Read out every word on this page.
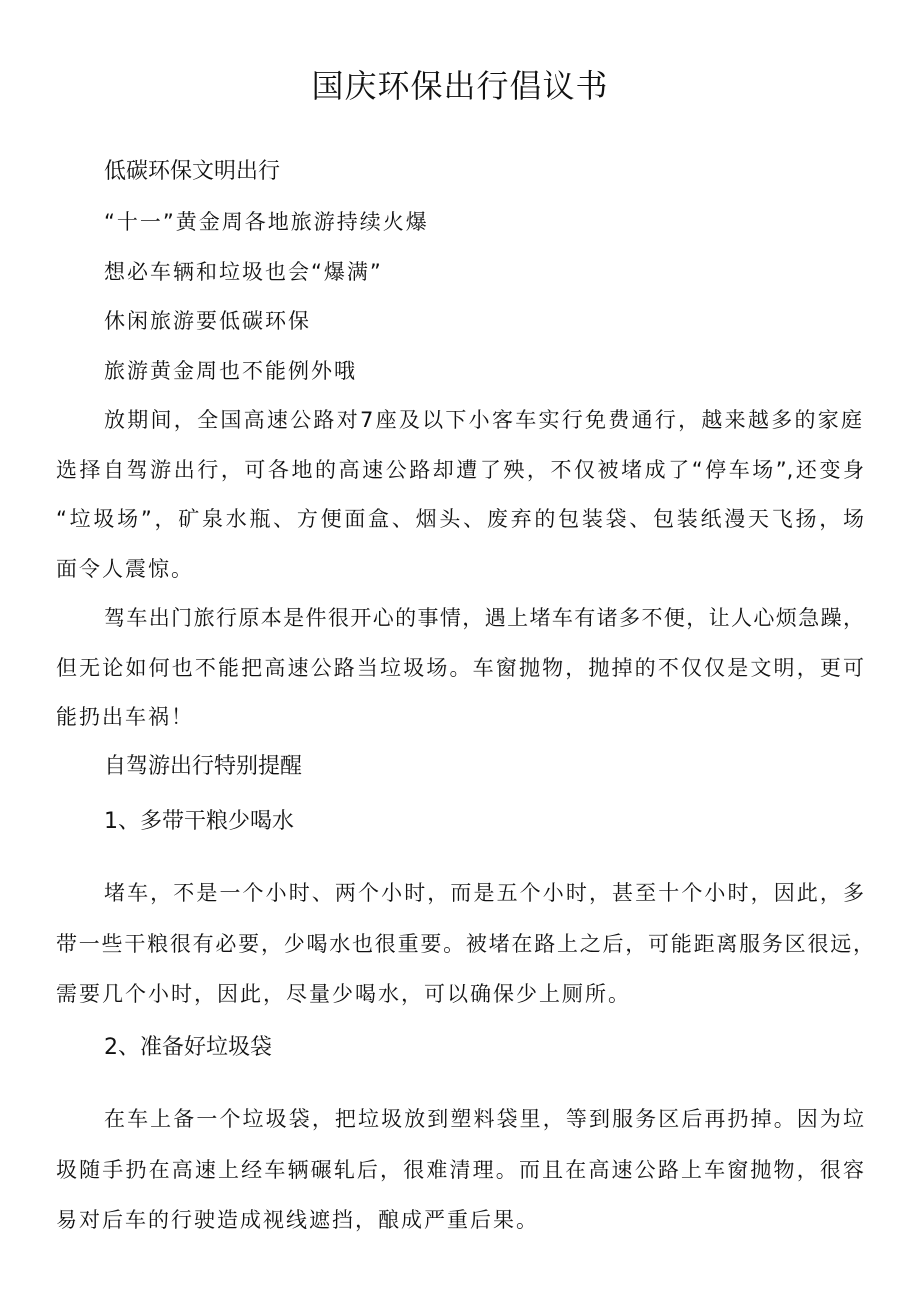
国庆环保出行倡议书

低碳环保文明出行

“十一”黄金周各地旅游持续火爆

想必车辆和垃圾也会“爆满”

休闲旅游要低碳环保

旅游黄金周也不能例外哦

放期间，全国高速公路对7座及以下小客车实行免费通行，越来越多的家庭

选择自驾游出行，可各地的高速公路却遭了殃，不仅被堵成了“停车场”,还变身

“垃圾场”，矿泉水瓶、方便面盒、烟头、废弃的包装袋、包装纸漫天飞扬，场

面令人震惊。

驾车出门旅行原本是件很开心的事情，遇上堵车有诸多不便，让人心烦急躁，

但无论如何也不能把高速公路当垃圾场。车窗抛物，抛掉的不仅仅是文明，更可

能扔出车祸！

自驾游出行特别提醒

1、多带干粮少喝水

堵车，不是一个小时、两个小时，而是五个小时，甚至十个小时，因此，多

带一些干粮很有必要，少喝水也很重要。被堵在路上之后，可能距离服务区很远，

需要几个小时，因此，尽量少喝水，可以确保少上厕所。

2、准备好垃圾袋

在车上备一个垃圾袋，把垃圾放到塑料袋里，等到服务区后再扔掉。因为垃

圾随手扔在高速上经车辆碾轧后，很难清理。而且在高速公路上车窗抛物，很容

易对后车的行驶造成视线遮挡，酿成严重后果。
